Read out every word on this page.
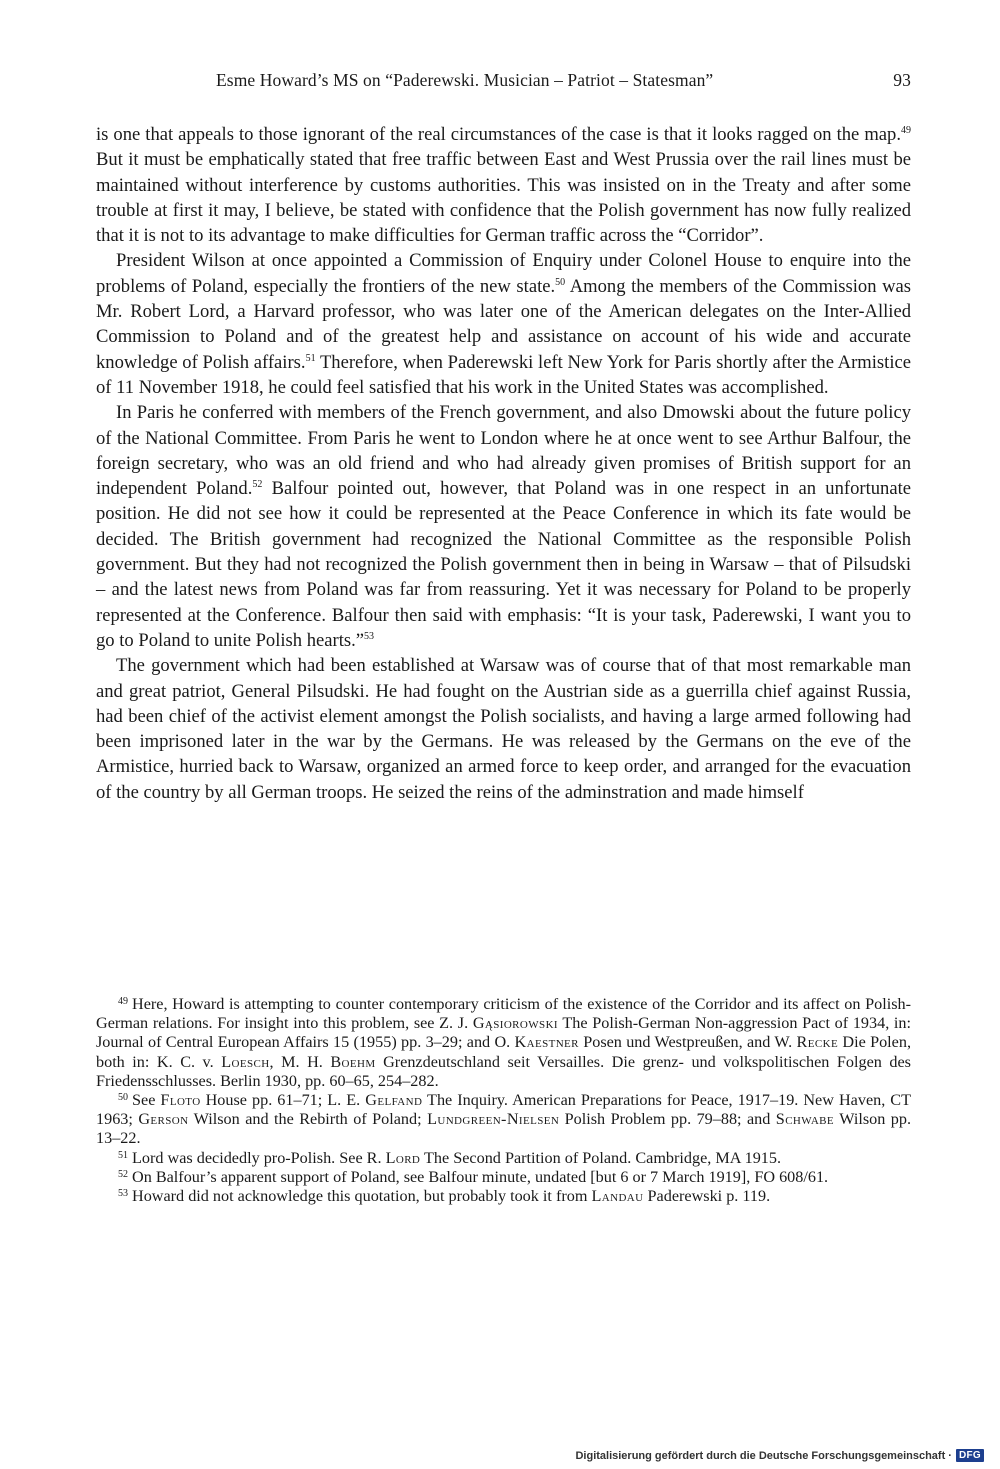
Esme Howard’s MS on “Paderewski. Musician – Patriot – Statesman”	93

is one that appeals to those ignorant of the real circumstances of the case is that it looks ragged on the map.$^{49}$ But it must be emphatically stated that free traffic between East and West Prussia over the rail lines must be maintained without interference by customs authorities. This was insisted on in the Treaty and after some trouble at first it may, I believe, be stated with confidence that the Polish government has now fully realized that it is not to its advantage to make difficulties for German traffic across the “Corridor”.

President Wilson at once appointed a Commission of Enquiry under Colonel House to enquire into the problems of Poland, especially the frontiers of the new state.$^{50}$ Among the members of the Commission was Mr. Robert Lord, a Harvard professor, who was later one of the American delegates on the Inter-Allied Commission to Poland and of the greatest help and assistance on account of his wide and accurate knowledge of Polish affairs.$^{51}$ Therefore, when Paderewski left New York for Paris shortly after the Armistice of 11 November 1918, he could feel satisfied that his work in the United States was accomplished.

In Paris he conferred with members of the French government, and also Dmowski about the future policy of the National Committee. From Paris he went to London where he at once went to see Arthur Balfour, the foreign secretary, who was an old friend and who had already given promises of British support for an independent Poland.$^{52}$ Balfour pointed out, however, that Poland was in one respect in an unfortunate position. He did not see how it could be represented at the Peace Conference in which its fate would be decided. The British government had recognized the National Committee as the responsible Polish government. But they had not recognized the Polish government then in being in Warsaw – that of Pilsudski – and the latest news from Poland was far from reassuring. Yet it was necessary for Poland to be properly represented at the Conference. Balfour then said with emphasis: “It is your task, Paderewski, I want you to go to Poland to unite Polish hearts.”$^{53}$

The government which had been established at Warsaw was of course that of that most remarkable man and great patriot, General Pilsudski. He had fought on the Austrian side as a guerrilla chief against Russia, had been chief of the activist element amongst the Polish socialists, and having a large armed following had been imprisoned later in the war by the Germans. He was released by the Germans on the eve of the Armistice, hurried back to Warsaw, organized an armed force to keep order, and arranged for the evacuation of the country by all German troops. He seized the reins of the adminstration and made himself

$^{49}$ Here, Howard is attempting to counter contemporary criticism of the existence of the Corridor and its affect on Polish-German relations. For insight into this problem, see Z. J. Gąsiorowski The Polish-German Non-aggression Pact of 1934, in: Journal of Central European Affairs 15 (1955) pp. 3–29; and O. Kaestner Posen und Westpreußen, and W. Recke Die Polen, both in: K. C. v. Loesch, M. H. Boehm Grenzdeutschland seit Versailles. Die grenz- und volkspolitischen Folgen des Friedensschlusses. Berlin 1930, pp. 60–65, 254–282.

$^{50}$ See Floto House pp. 61–71; L. E. Gelfand The Inquiry. American Preparations for Peace, 1917–19. New Haven, CT 1963; Gerson Wilson and the Rebirth of Poland; Lundgreen-Nielsen Polish Problem pp. 79–88; and Schwabe Wilson pp. 13–22.

$^{51}$ Lord was decidedly pro-Polish. See R. Lord The Second Partition of Poland. Cambridge, MA 1915.

$^{52}$ On Balfour’s apparent support of Poland, see Balfour minute, undated [but 6 or 7 March 1919], FO 608/61.

$^{53}$ Howard did not acknowledge this quotation, but probably took it from Landau Paderewski p. 119.

Digitalisierung gefördert durch die Deutsche Forschungsgemeinschaft · DFG
